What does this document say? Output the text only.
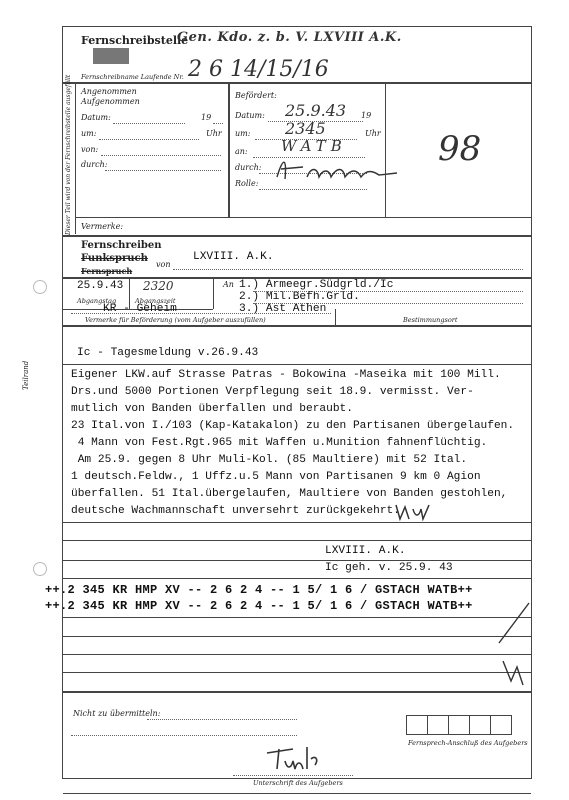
Teilrand
Fernschreibstelle
Gen. Kdo. z. b. V. LXVIII A.K.
Fernschreibname Laufende Nr. 2 6 14/15/16
Dieser Teil wird von der Fernschreibstelle ausgefüllt Angenommen
Aufgenommen
Datum:	19
um:	Uhr
von:
durch:
Befördert:
Datum: 25.9.43 19
um: 2345	Uhr
an: WATB
durch:
Rolle:
98
Vermerke:
Fernschreiben
Funkspruch
Fernspruch
von
LXVIII. A.K.
25.9.43
Abgangstag
2320
Abgangszeit
An 1.) Armeegr.Südgrld./Ic
2.) Mil.Befh.Grld.
3.) Ast Athen
KR - Geheim
Vermerke für Beförderung (vom Aufgeber auszufüllen)	Bestimmungsort
Ic - Tagesmeldung v.26.9.43
Eigener LKW.auf Strasse Patras - Bokowina -Maseika mit 100 Mill.
Drs.und 5000 Portionen Verpflegung seit 18.9. vermisst. Ver-
mutlich von Banden überfallen und beraubt.
23 Ital.von I./103 (Kap-Katakalon) zu den Partisanen übergelaufen.
4 Mann von Fest.Rgt.965 mit Waffen u.Munition fahnenflüchtig.
Am 25.9. gegen 8 Uhr Muli-Kol. (85 Maultiere) mit 52 Ital.
1 deutsch.Feldw., 1 Uffz.u.5 Mann von Partisanen 9 km 0 Agion
überfallen. 51 Ital.übergelaufen, Maultiere von Banden gestohlen,
deutsche Wachmannschaft unversehrt zurückgekehrt.
LXVIII. A.K.
Ic geh. v. 25.9. 43
++.2 345 KR HMP XV -- 2 6 2 4 -- 1 5/ 1 6 / GSTACH WATB++
++.2 345 KR HMP XV -- 2 6 2 4 -- 1 5/ 1 6 / GSTACH WATB++
Nicht zu übermitteln:
Unterschrift des Aufgebers
Fernsprech-Anschluß des Aufgebers
